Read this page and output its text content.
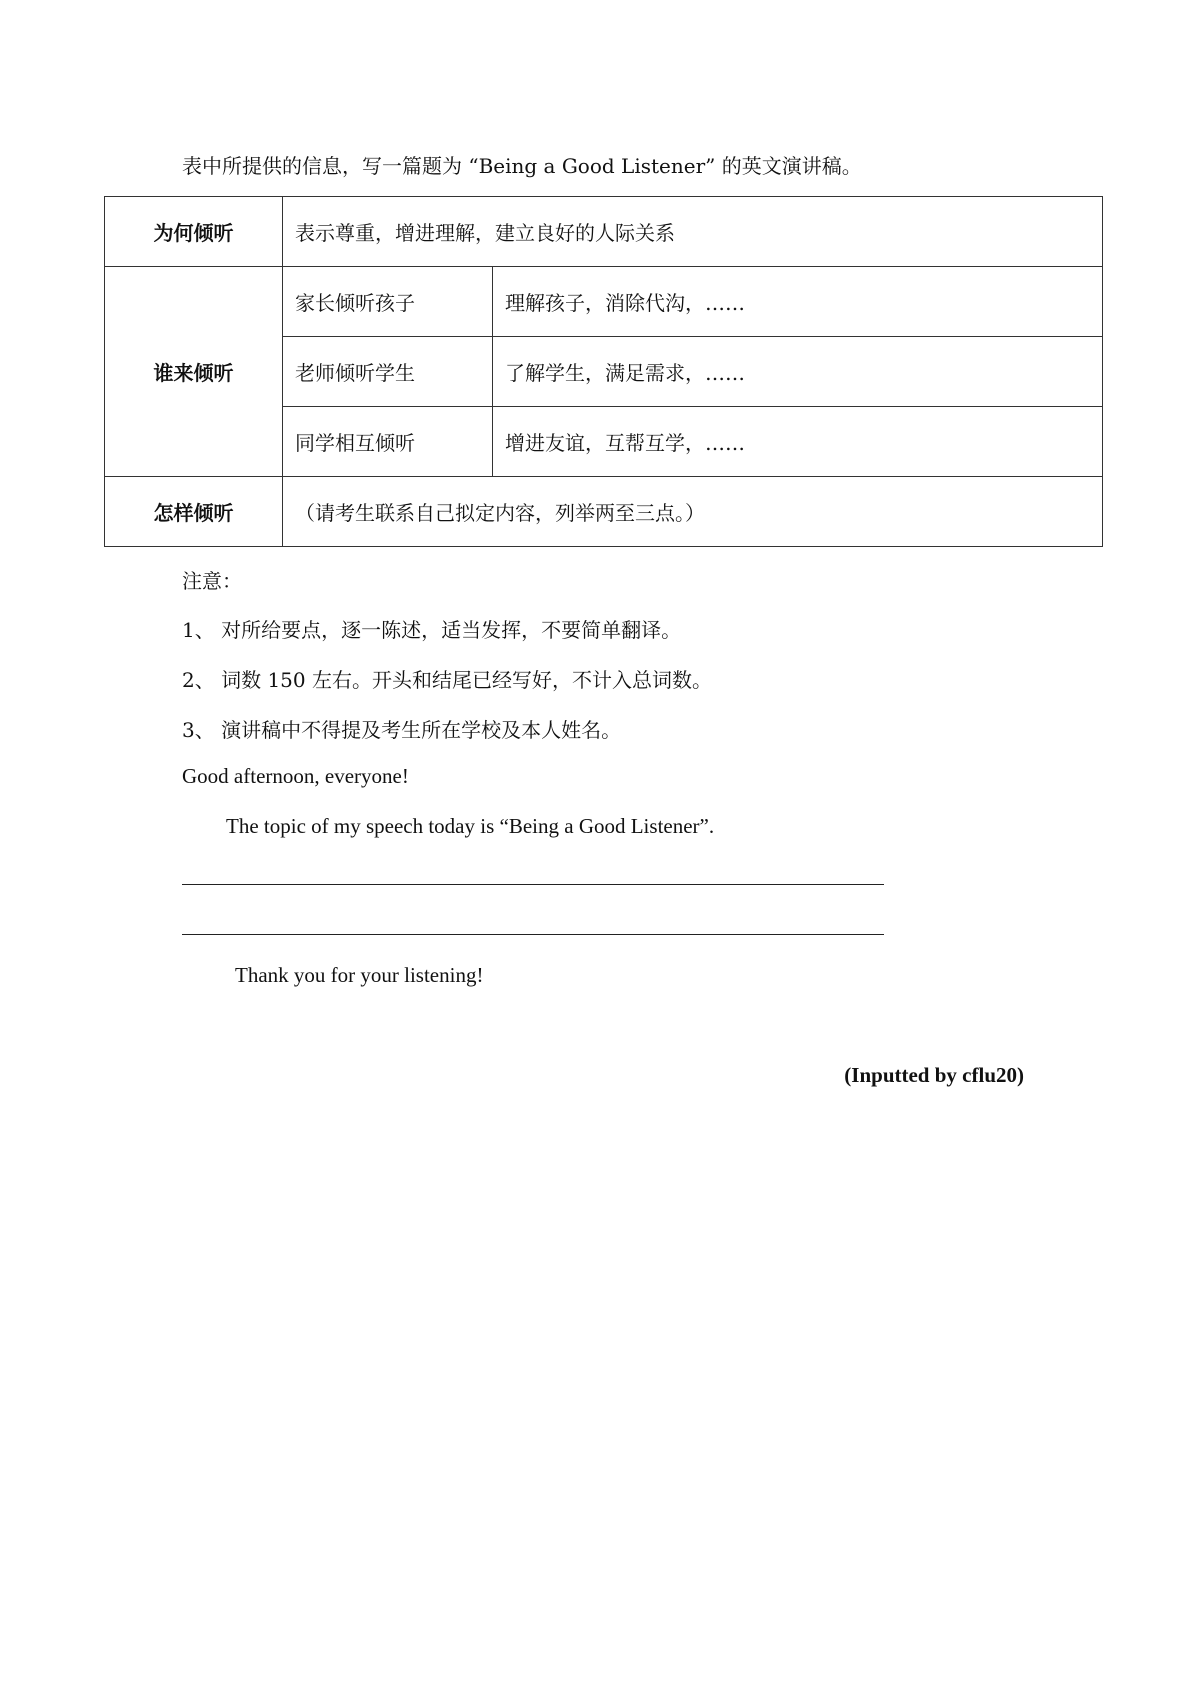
表中所提供的信息，写一篇题为 “Being a Good Listener” 的英文演讲稿。
为何倾听	表示尊重，增进理解，建立良好的人际关系	
谁来倾听	家长倾听孩子	理解孩子，消除代沟，……
	老师倾听学生	了解学生，满足需求，……
	同学相互倾听	增进友谊，互帮互学，……
怎样倾听	（请考生联系自己拟定内容，列举两至三点。）	
注意：
1、 对所给要点，逐一陈述，适当发挥，不要简单翻译。
2、 词数 150 左右。开头和结尾已经写好，不计入总词数。
3、 演讲稿中不得提及考生所在学校及本人姓名。
Good afternoon, everyone!
The topic of my speech today is “Being a Good Listener”.
Thank you for your listening!
(Inputted by cflu20)
